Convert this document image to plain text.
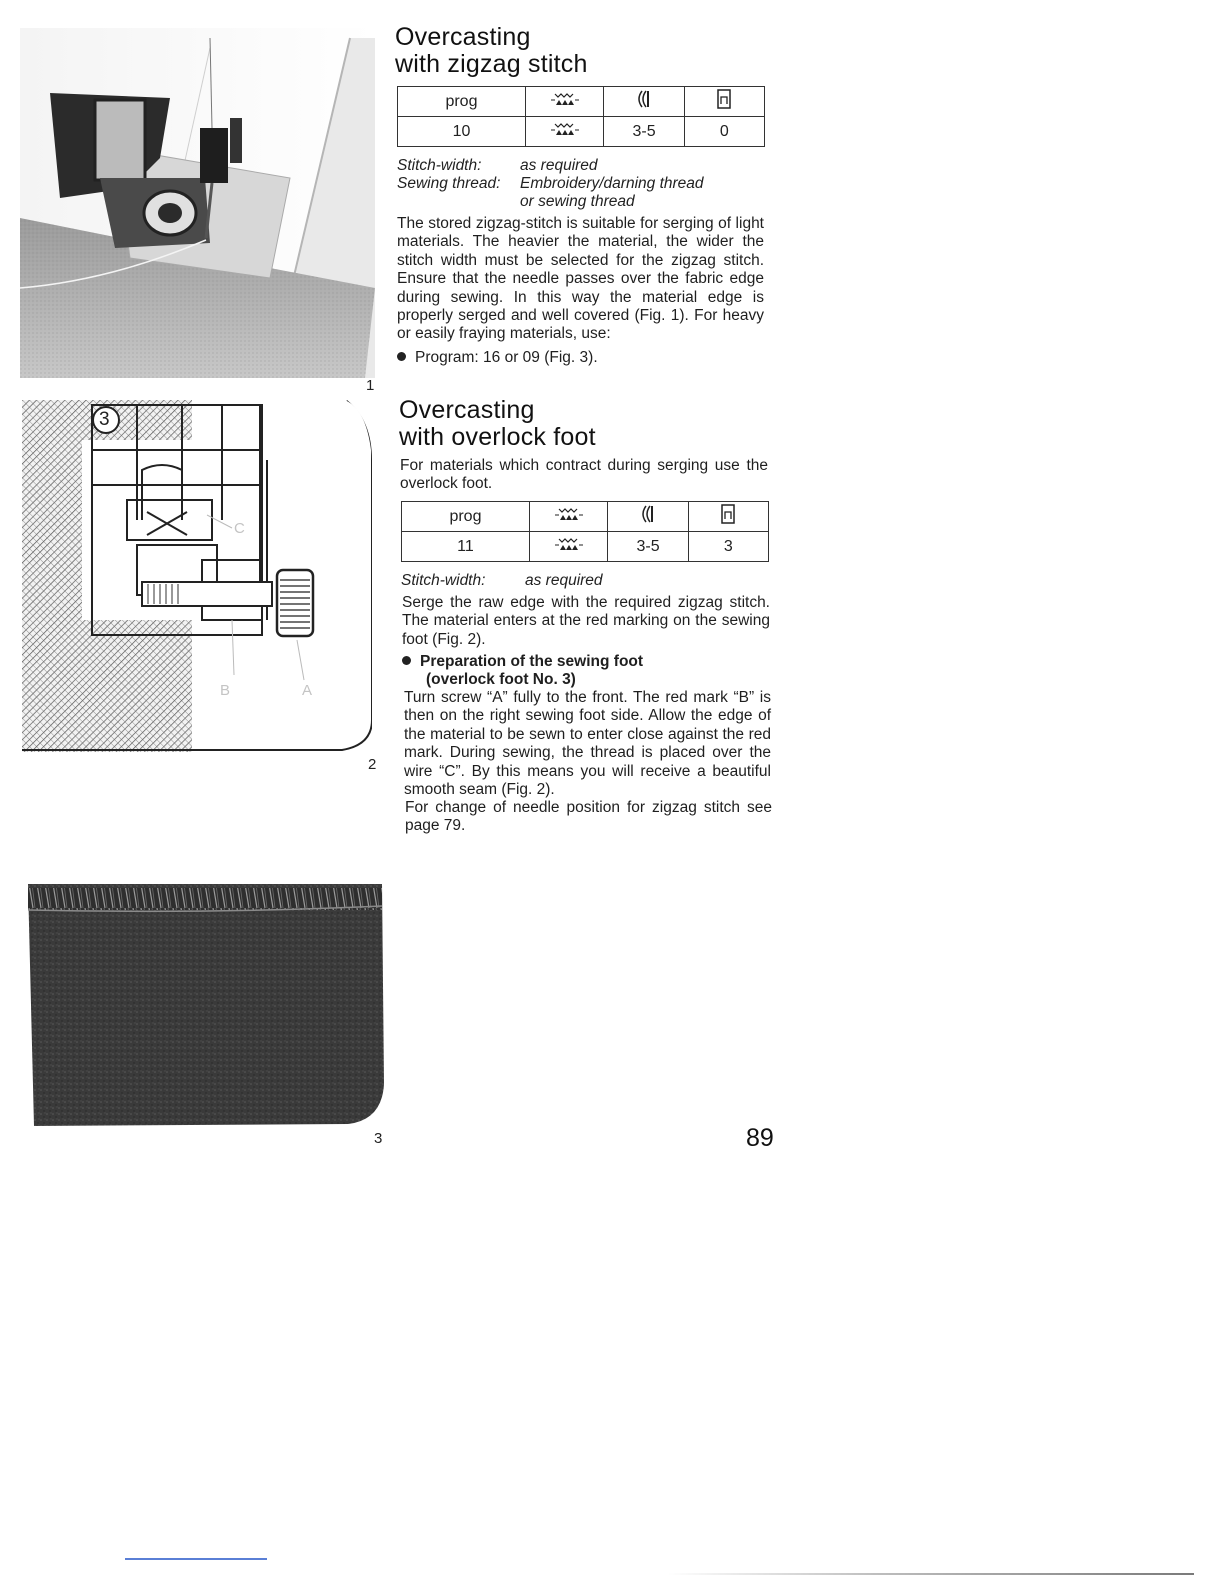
1
3
C
B	A
2
3
Overcasting
with zigzag stitch
prog			
10		3-5	0
Stitch-width: as required
Sewing thread: Embroidery/darning thread
or sewing thread

The stored zigzag-stitch is suitable for serging of light materials. The heavier the material, the wider the stitch width must be selected for the zigzag stitch. Ensure that the needle passes over the fabric edge during sewing. In this way the material edge is properly serged and well covered (Fig. 1). For heavy or easily fraying materials, use:

Program: 16 or 09 (Fig. 3).
Overcasting
with overlock foot

For materials which contract during serging use the overlock foot.

prog			
11		3-5	3
Stitch-width:	as required

Serge the raw edge with the required zigzag stitch. The material enters at the red marking on the sewing foot (Fig. 2).

Preparation of the sewing foot
(overlock foot No. 3)

Turn screw “A” fully to the front. The red mark “B” is then on the right sewing foot side. Allow the edge of the material to be sewn to enter close against the red mark. During sewing, the thread is placed over the wire “C”. By this means you will receive a beautiful smooth seam (Fig. 2).

For change of needle position for zigzag stitch see page 79.

89
